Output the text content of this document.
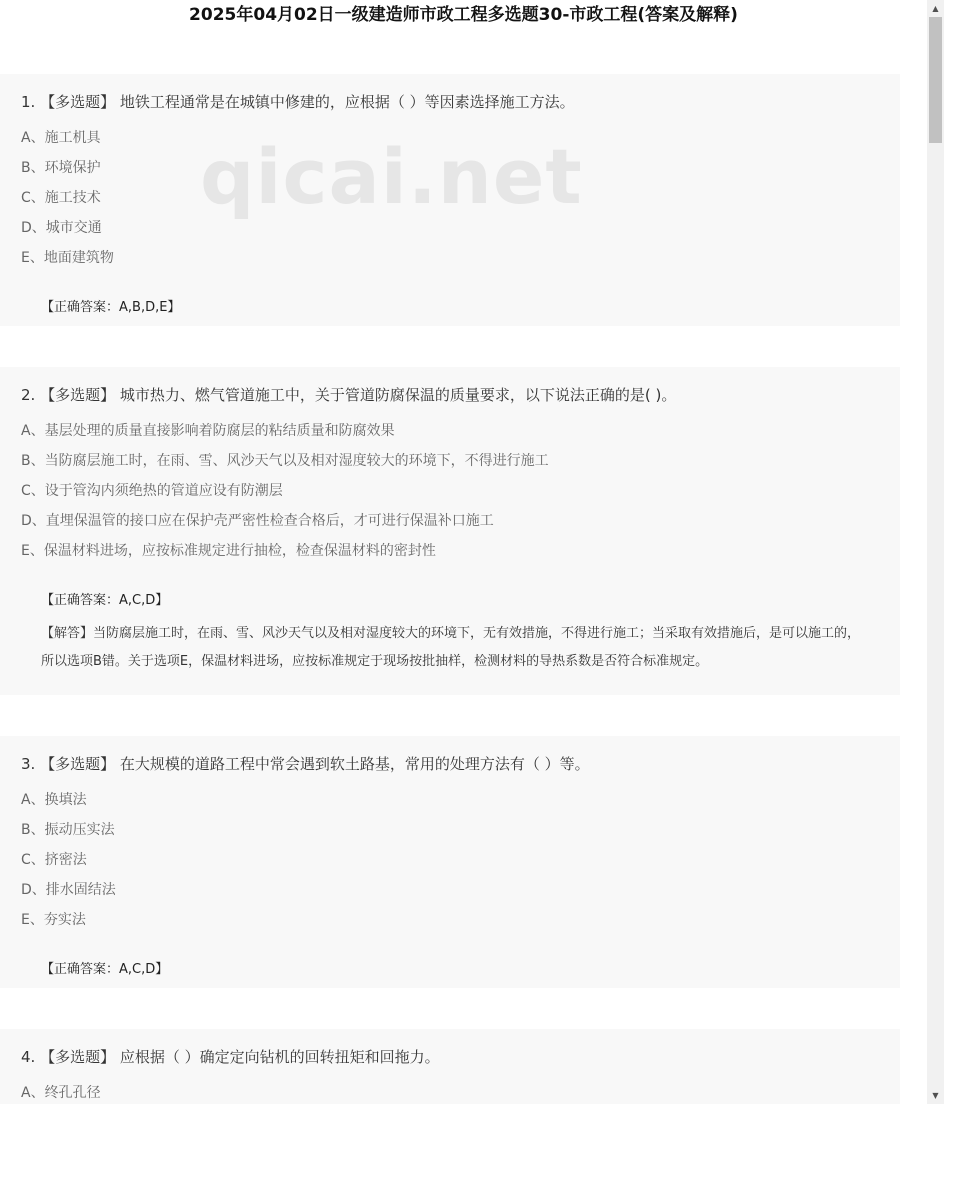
2025年04月02日一级建造师市政工程多选题30-市政工程(答案及解释)
1. 【多选题】 地铁工程通常是在城镇中修建的，应根据（ ）等因素选择施工方法。
A、施工机具
B、环境保护
C、施工技术
D、城市交通
E、地面建筑物
【正确答案：A,B,D,E】
qicai.net
2. 【多选题】 城市热力、燃气管道施工中，关于管道防腐保温的质量要求，以下说法正确的是( )。
A、基层处理的质量直接影响着防腐层的粘结质量和防腐效果
B、当防腐层施工时，在雨、雪、风沙天气以及相对湿度较大的环境下，不得进行施工
C、设于管沟内须绝热的管道应设有防潮层
D、直埋保温管的接口应在保护壳严密性检查合格后，才可进行保温补口施工
E、保温材料进场，应按标准规定进行抽检，检查保温材料的密封性
【正确答案：A,C,D】
【解答】当防腐层施工时，在雨、雪、风沙天气以及相对湿度较大的环境下，无有效措施，不得进行施工；当采取有效措施后，是可以施工的，所以选项B错。关于选项E，保温材料进场，应按标准规定于现场按批抽样，检测材料的导热系数是否符合标准规定。
3. 【多选题】 在大规模的道路工程中常会遇到软土路基，常用的处理方法有（ ）等。
A、换填法
B、振动压实法
C、挤密法
D、排水固结法
E、夯实法
【正确答案：A,C,D】
4. 【多选题】 应根据（ ）确定定向钻机的回转扭矩和回拖力。
A、终孔孔径
▲
▼
